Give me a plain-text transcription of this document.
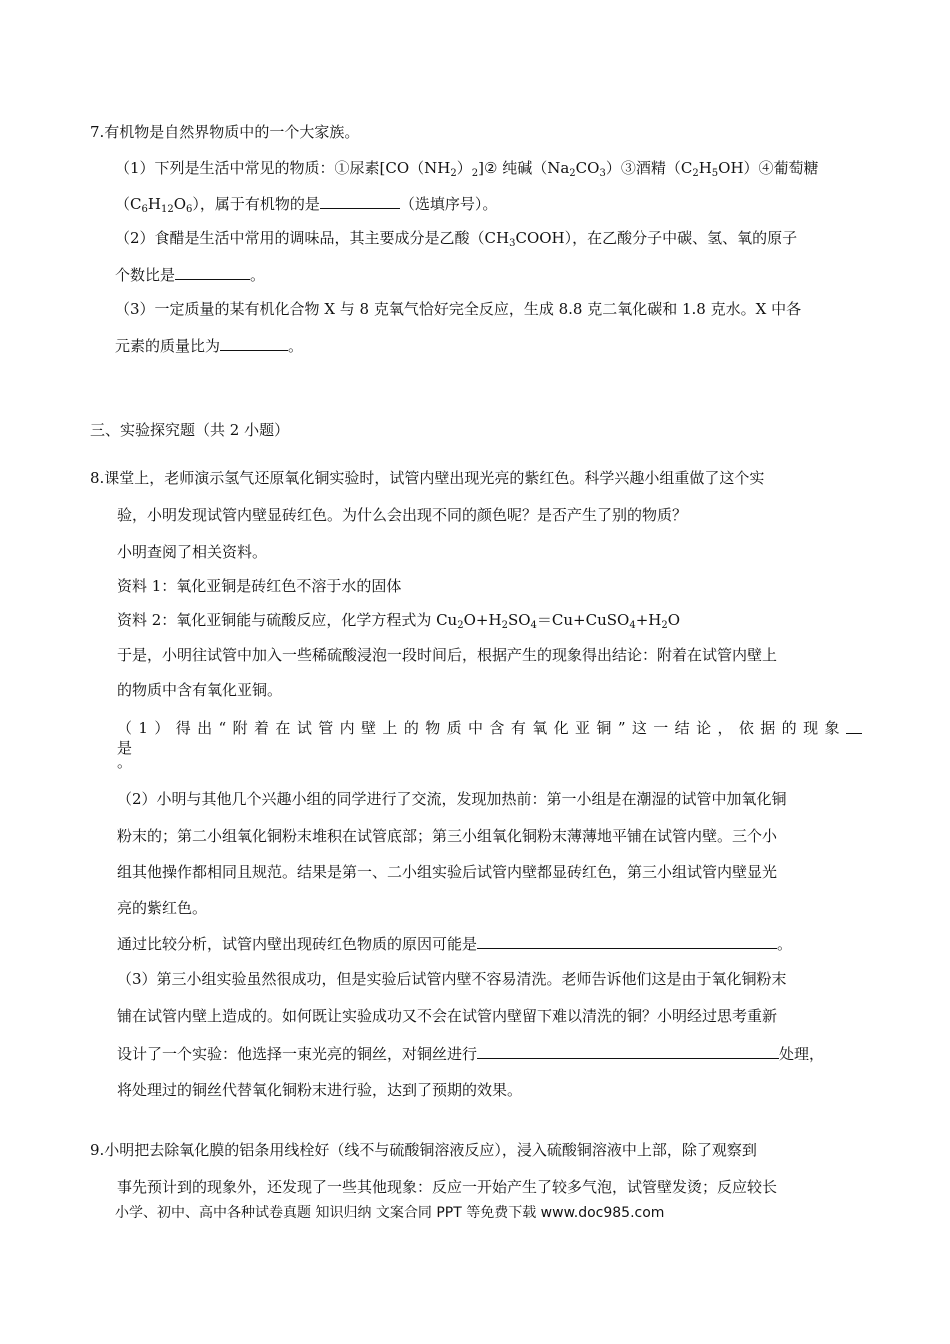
7.有机物是自然界物质中的一个大家族。
（1）下列是生活中常见的物质：①尿素$[CO(NH_2)_2]②$ 纯碱$(Na_2CO_3)③$酒精$(C_2H_5OH)④$葡萄糖
$(C_6H_{12}O_6)$，属于有机物的是	（选填序号）。
（2）食醋是生活中常用的调味品，其主要成分是乙酸$(CH_3COOH)$，在乙酸分子中碳、氢、氧的原子
个数比是	。
（3）一定质量的某有机化合物 X 与 8 克氧气恰好完全反应，生成 8.8 克二氧化碳和 1.8 克水。X 中各
元素的质量比为	。
三、实验探究题（共 2 小题）
8.课堂上，老师演示氢气还原氧化铜实验时，试管内壁出现光亮的紫红色。科学兴趣小组重做了这个实
验，小明发现试管内壁显砖红色。为什么会出现不同的颜色呢？是否产生了别的物质？
小明查阅了相关资料。
资料 1：氧化亚铜是砖红色不溶于水的固体
资料 2：氧化亚铜能与硫酸反应，化学方程式为 $Cu_2O+H_2SO_4=Cu+CuSO_4+H_2O$
于是，小明往试管中加入一些稀硫酸浸泡一段时间后，根据产生的现象得出结论：附着在试管内壁上
的物质中含有氧化亚铜。
（1）得出“附着在试管内壁上的物质中含有氧化亚铜”这一结论，依据的现象是
。
（2）小明与其他几个兴趣小组的同学进行了交流，发现加热前：第一小组是在潮湿的试管中加氧化铜
粉末的；第二小组氧化铜粉末堆积在试管底部；第三小组氧化铜粉末薄薄地平铺在试管内壁。三个小
组其他操作都相同且规范。结果是第一、二小组实验后试管内壁都显砖红色，第三小组试管内壁显光
亮的紫红色。
通过比较分析，试管内壁出现砖红色物质的原因可能是	。
（3）第三小组实验虽然很成功，但是实验后试管内壁不容易清洗。老师告诉他们这是由于氧化铜粉末
铺在试管内壁上造成的。如何既让实验成功又不会在试管内壁留下难以清洗的铜？小明经过思考重新
设计了一个实验：他选择一束光亮的铜丝，对铜丝进行	处理，
将处理过的铜丝代替氧化铜粉末进行验，达到了预期的效果。
9.小明把去除氧化膜的铝条用线栓好（线不与硫酸铜溶液反应），浸入硫酸铜溶液中上部，除了观察到
事先预计到的现象外，还发现了一些其他现象：反应一开始产生了较多气泡，试管壁发烫；反应较长
小学、初中、高中各种试卷真题 知识归纳 文案合同 PPT 等免费下载 www.doc985.com
